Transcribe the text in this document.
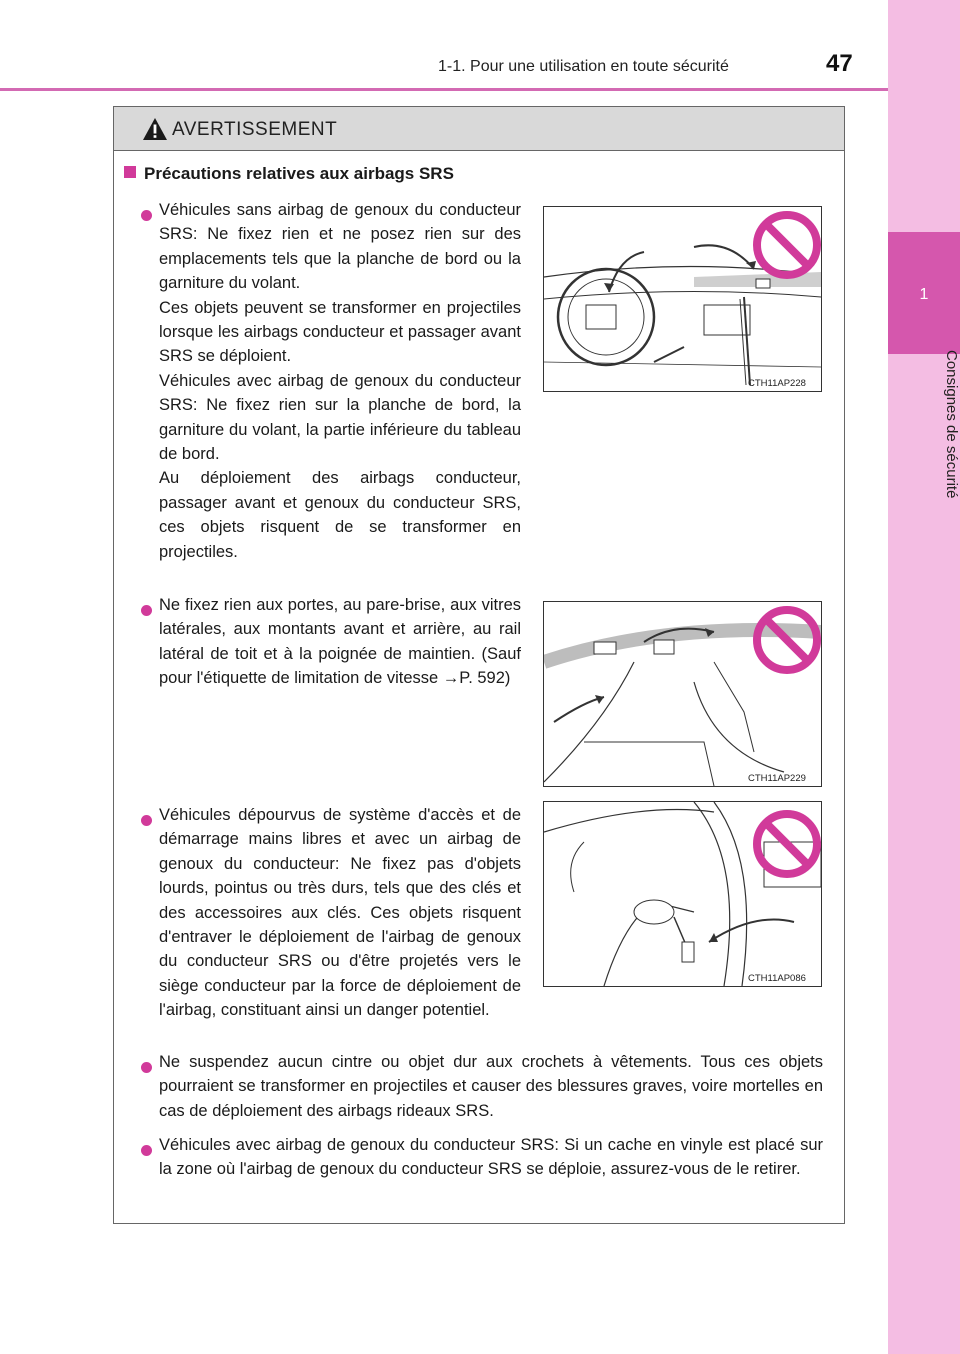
1-1. Pour une utilisation en toute sécurité	47
1
Consignes de sécurité
AVERTISSEMENT
Précautions relatives aux airbags SRS

Véhicules sans airbag de genoux du conducteur SRS: Ne fixez rien et ne posez rien sur des emplacements tels que la planche de bord ou la garniture du volant.

Ces objets peuvent se transformer en projectiles lorsque les airbags conducteur et passager avant SRS se déploient.

Véhicules avec airbag de genoux du conducteur SRS: Ne fixez rien sur la planche de bord, la garniture du volant, la partie inférieure du tableau de bord.

Au déploiement des airbags conducteur, passager avant et genoux du conducteur SRS, ces objets risquent de se transformer en projectiles.

CTH11AP228

Ne fixez rien aux portes, au pare-brise, aux vitres latérales, aux montants avant et arrière, au rail latéral de toit et à la poignée de maintien. (Sauf pour l'étiquette de limitation de vitesse →P. 592)

CTH11AP229

Véhicules dépourvus de système d'accès et de démarrage mains libres et avec un airbag de genoux du conducteur: Ne fixez pas d'objets lourds, pointus ou très durs, tels que des clés et des accessoires aux clés. Ces objets risquent d'entraver le déploiement de l'airbag de genoux du conducteur SRS ou d'être projetés vers le siège conducteur par la force de déploiement de l'airbag, constituant ainsi un danger potentiel.

CTH11AP086

Ne suspendez aucun cintre ou objet dur aux crochets à vêtements. Tous ces objets pourraient se transformer en projectiles et causer des blessures graves, voire mortelles en cas de déploiement des airbags rideaux SRS.

Véhicules avec airbag de genoux du conducteur SRS: Si un cache en vinyle est placé sur la zone où l'airbag de genoux du conducteur SRS se déploie, assurez-vous de le retirer.
